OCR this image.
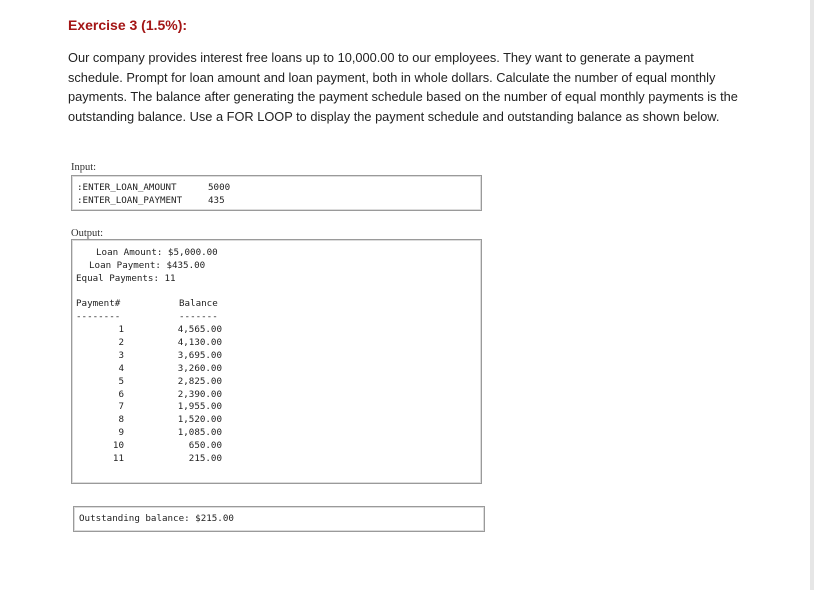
Exercise 3 (1.5%):
Our company provides interest free loans up to 10,000.00 to our employees. They want to generate a payment schedule. Prompt for loan amount and loan payment, both in whole dollars. Calculate the number of equal monthly payments. The balance after generating the payment schedule based on the number of equal monthly payments is the outstanding balance. Use a FOR LOOP to display the payment schedule and outstanding balance as shown below.
Input:
:ENTER_LOAN_AMOUNT	5000
:ENTER_LOAN_PAYMENT	435
Output:
Loan Amount: $5,000.00
Loan Payment: $435.00
Equal Payments: 11
Payment#	Balance
--------	-------
1	4,565.00
2	4,130.00
3	3,695.00
4	3,260.00
5	2,825.00
6	2,390.00
7	1,955.00
8	1,520.00
9	1,085.00
10	650.00
11	215.00
Outstanding balance: $215.00
